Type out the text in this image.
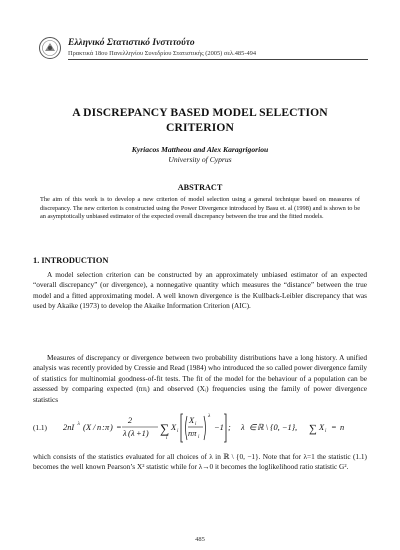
Ελληνικό Στατιστικό Ινστιτούτο
Πρακτικά 18ου Πανελληνίου Συνεδρίου Στατιστικής (2005) σελ.485-494
A DISCREPANCY BASED MODEL SELECTION
CRITERION
Kyriacos Mattheou and Alex Karagrigoriou
University of Cyprus
ABSTRACT
The aim of this work is to develop a new criterion of model selection using a general technique based on measures of discrepancy. The new criterion is constructed using the Power Divergence introduced by Basu et. al (1998) and is shown to be an asymptotically unbiased estimator of the expected overall discrepancy between the true and the fitted models.
1. INTRODUCTION
A model selection criterion can be constructed by an approximately unbiased estimator of an expected “overall discrepancy” (or divergence), a nonnegative quantity which measures the “distance” between the true model and a fitted approximating model. A well known divergence is the Kullback-Leibler discrepancy that was used by Akaike (1973) to develop the Akaike Information Criterion (AIC).
Measures of discrepancy or divergence between two probability distributions have a long history. A unified analysis was recently provided by Cressie and Read (1984) who introduced the so called power divergence family of statistics for multinomial goodness-of-fit tests. The fit of the model for the behaviour of a population can be assessed by comparing expected (nπᵢ) and observed (Xᵢ) frequencies using the family of power divergence statistics
(1.1) 2nI λ ( X / n : π ) =
2
λ ( λ +1) ∑
i
X i
X i
nπ i
λ
−1 ; λ ∈ ℝ \ {0, −1}, ∑ X i = n
which consists of the statistics evaluated for all choices of λ in ℝ \ {0, −1}. Note that for λ=1 the statistic (1.1) becomes the well known Pearson’s X² statistic while for λ→0 it becomes the loglikelihood ratio statistic G².
485
